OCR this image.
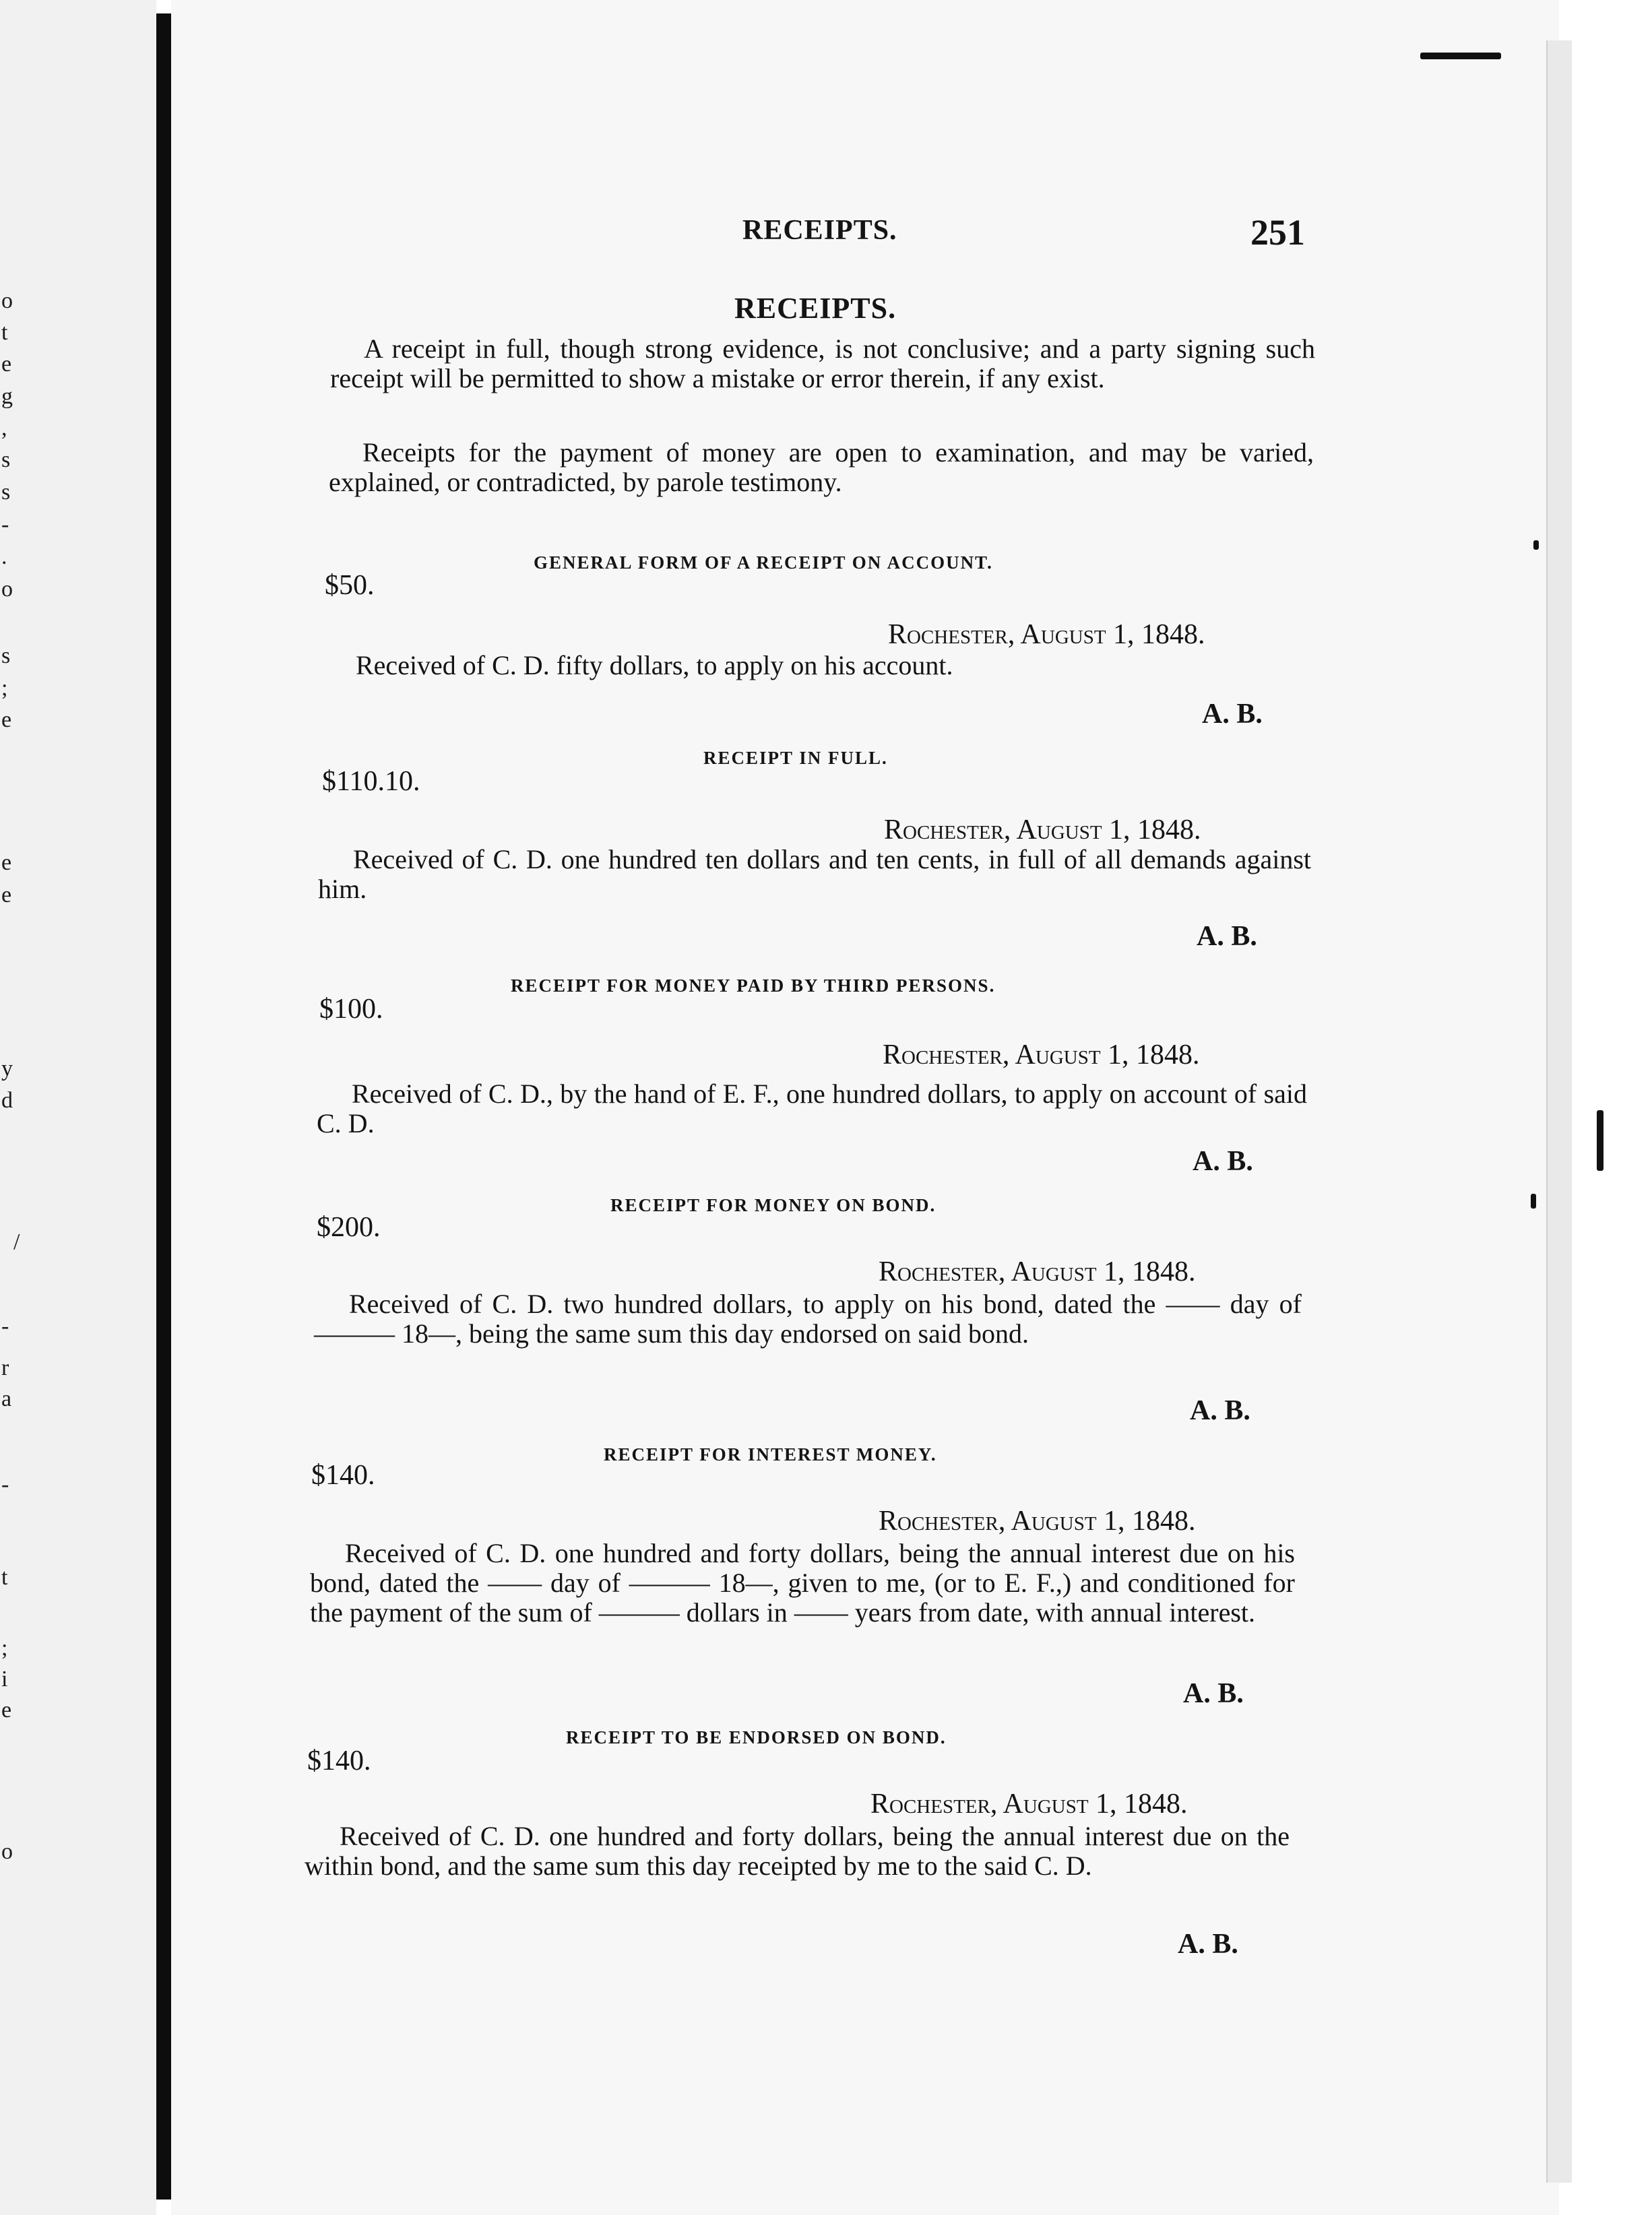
o
t
e
g
,
s
s
-
.
o
s
;
e
e
e
y
d
/
-
r
a
-
t
;
i
e
o
RECEIPTS.	251
RECEIPTS.
A receipt in full, though strong evidence, is not conclusive; and a party signing such receipt will be permitted to show a mistake or error therein, if any exist.
Receipts for the payment of money are open to examination, and may be varied, explained, or contradicted, by parole testimony.
GENERAL FORM OF A RECEIPT ON ACCOUNT.
$50.
Rochester, August 1, 1848.
Received of C. D. fifty dollars, to apply on his account.
A. B.
RECEIPT IN FULL.
$110.10.
Rochester, August 1, 1848.
Received of C. D. one hundred ten dollars and ten cents, in full of all demands against him.
A. B.
RECEIPT FOR MONEY PAID BY THIRD PERSONS.
$100.
Rochester, August 1, 1848.
Received of C. D., by the hand of E. F., one hundred dollars, to apply on account of said C. D.
A. B.
RECEIPT FOR MONEY ON BOND.
$200.
Rochester, August 1, 1848.
Received of C. D. two hundred dollars, to apply on his bond, dated the —— day of ——— 18—, being the same sum this day endorsed on said bond.
A. B.
RECEIPT FOR INTEREST MONEY.
$140.
Rochester, August 1, 1848.
Received of C. D. one hundred and forty dollars, being the annual interest due on his bond, dated the —— day of ——— 18—, given to me, (or to E. F.,) and conditioned for the payment of the sum of ——— dollars in —— years from date, with annual interest.
A. B.
RECEIPT TO BE ENDORSED ON BOND.
$140.
Rochester, August 1, 1848.
Received of C. D. one hundred and forty dollars, being the annual interest due on the within bond, and the same sum this day receipted by me to the said C. D.
A. B.
